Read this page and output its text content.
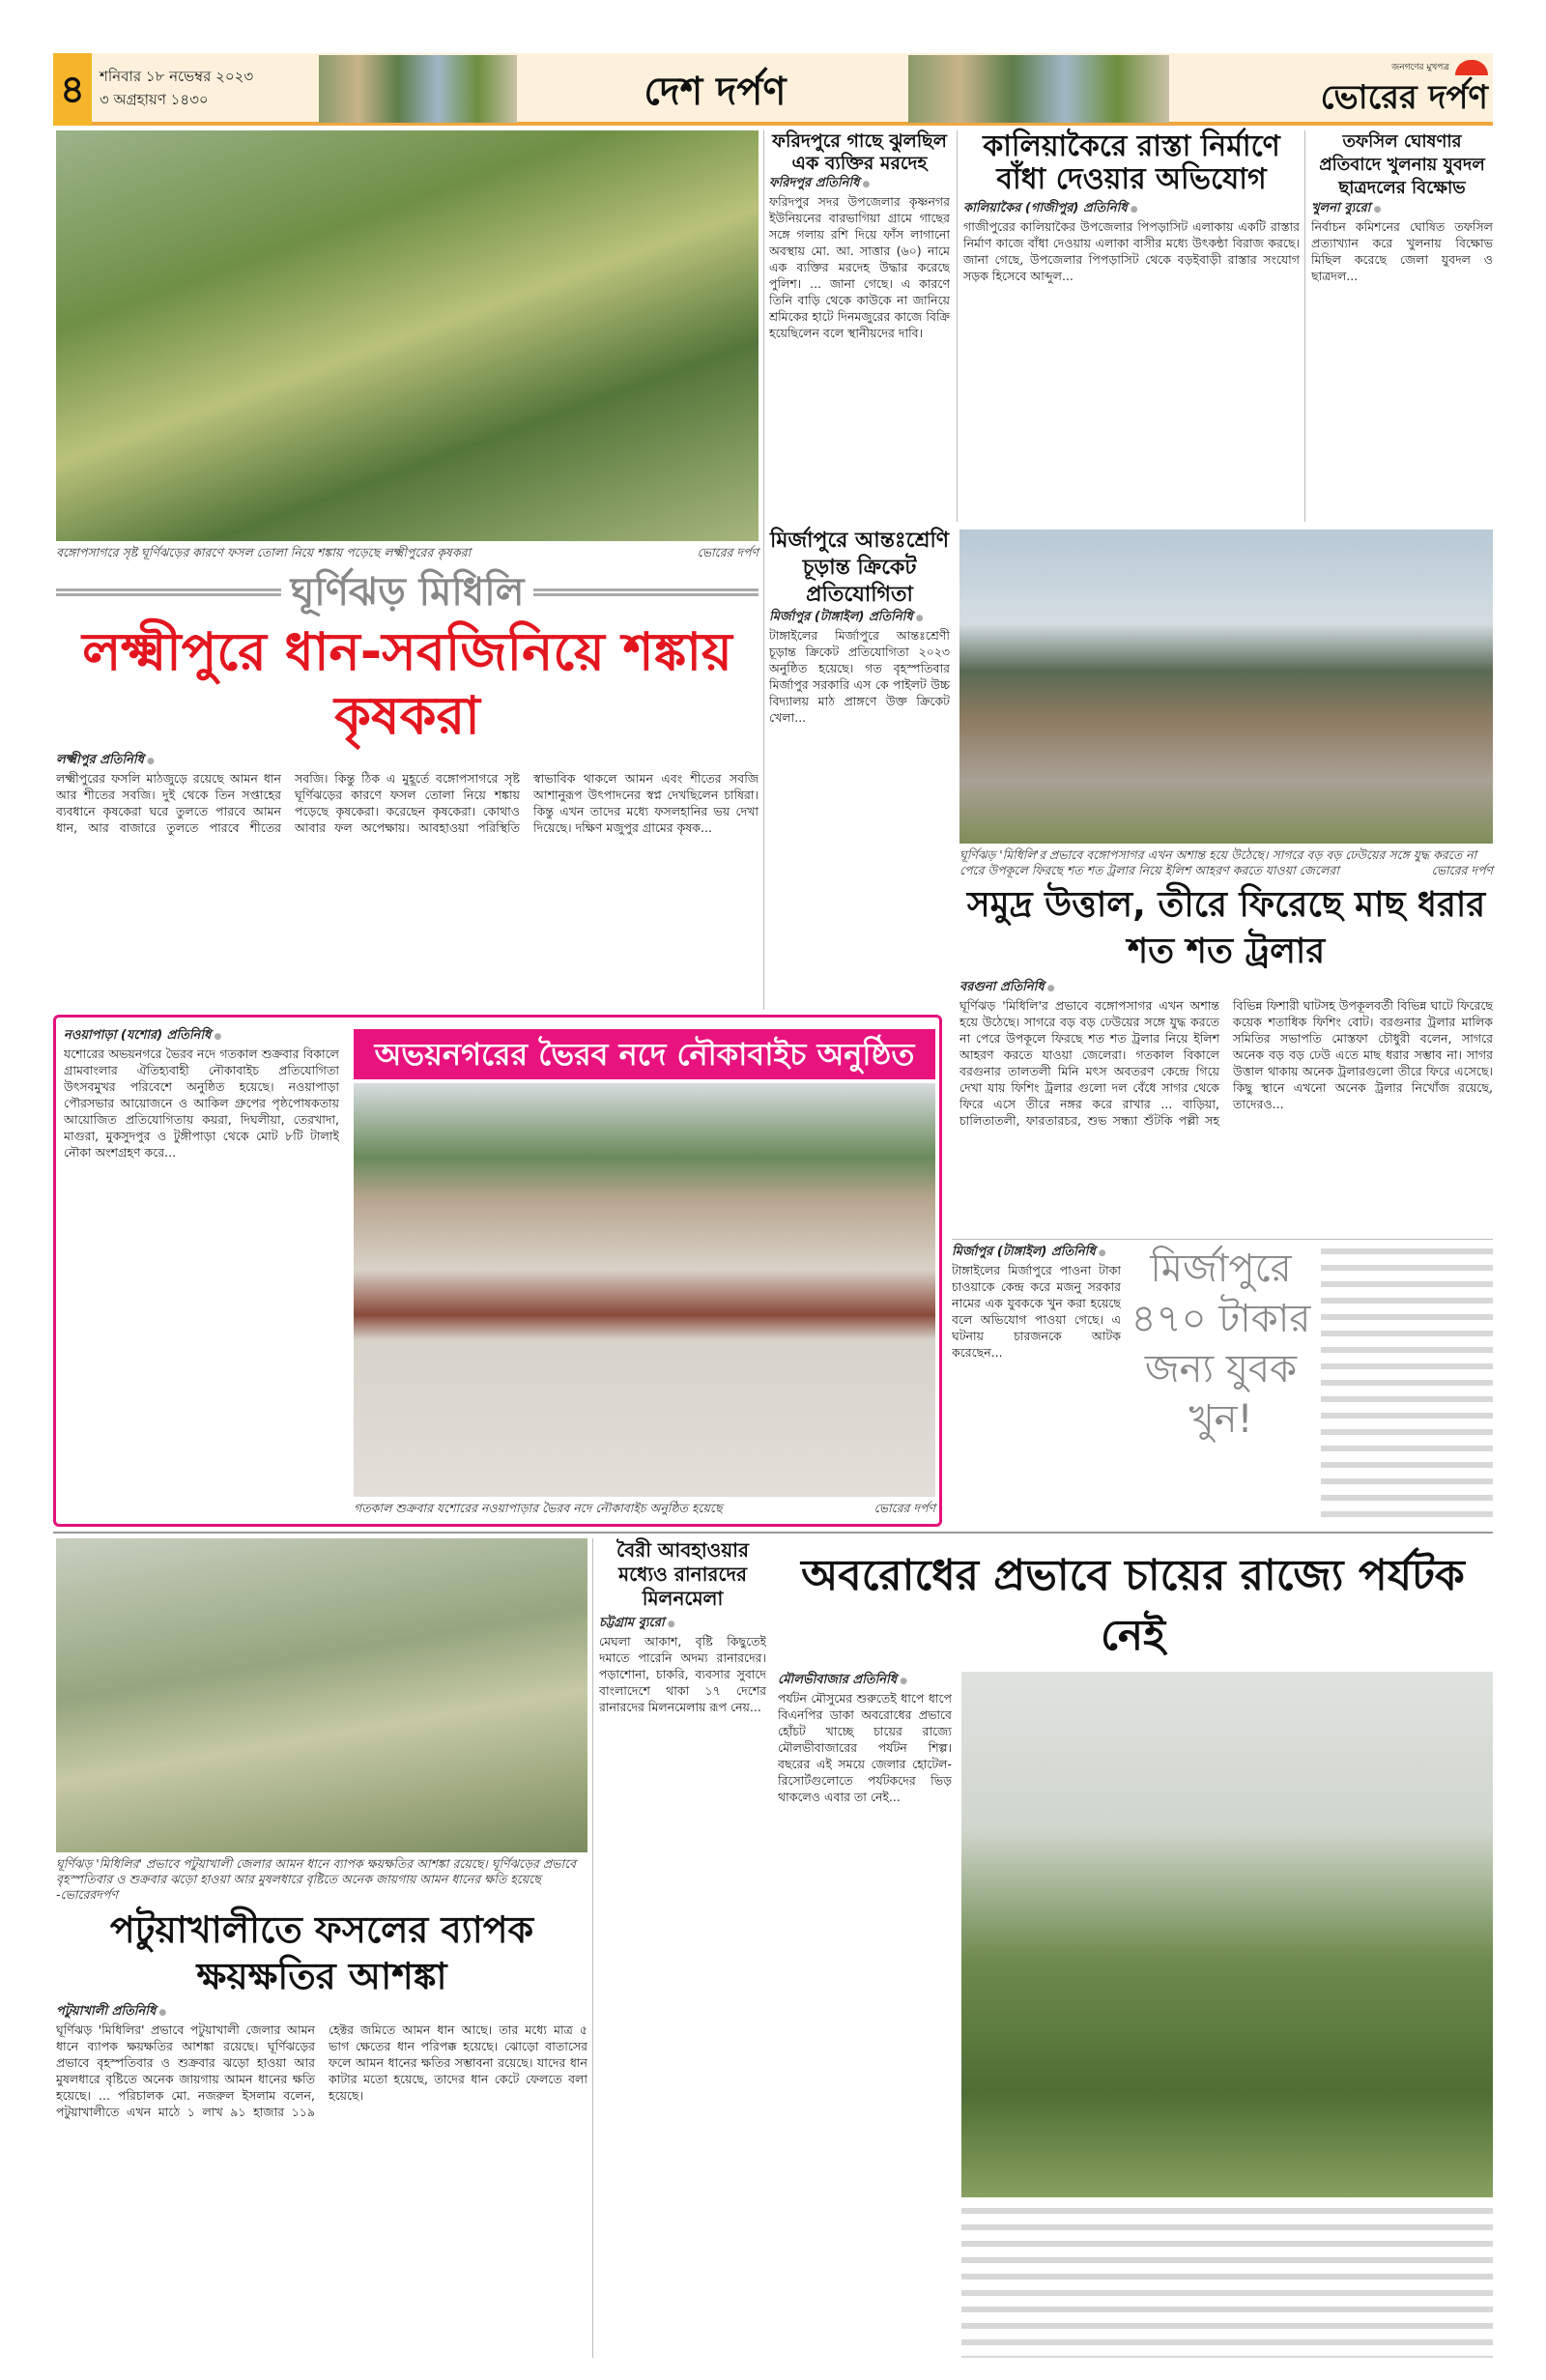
৪	শনিবার ১৮ নভেম্বর ২০২৩
৩ অগ্রহায়ণ ১৪৩০	দেশ দর্পণ
জনগণের মুখপত্র
ভোরের দর্পণ
ভোরের দর্পণ
বঙ্গোপসাগরে সৃষ্ট ঘূর্ণিঝড়ের কারণে ফসল তোলা নিয়ে শঙ্কায় পড়েছে লক্ষ্মীপুরের কৃষকরা
ঘূর্ণিঝড় মিধিলি
লক্ষ্মীপুরে ধান-সবজিনিয়ে শঙ্কায় কৃষকরা
লক্ষ্মীপুর প্রতিনিধি ●
লক্ষ্মীপুরের ফসলি মাঠজুড়ে রয়েছে আমন ধান আর শীতের সবজি। দুই থেকে তিন সপ্তাহের ব্যবধানে কৃষকেরা ঘরে তুলতে পারবে আমন ধান, আর বাজারে তুলতে পারবে শীতের সবজি। কিন্তু ঠিক এ মুহূর্তে বঙ্গোপসাগরে সৃষ্ট ঘূর্ণিঝড়ের কারণে ফসল তোলা নিয়ে শঙ্কায় পড়েছে কৃষকেরা। করেছেন কৃষকেরা। কোথাও আবার ফল অপেক্ষায়। আবহাওয়া পরিস্থিতি স্বাভাবিক থাকলে আমন এবং শীতের সবজি আশানুরূপ উৎপাদনের স্বপ্ন দেখছিলেন চাষিরা। কিন্তু এখন তাদের মধ্যে ফসলহানির ভয় দেখা দিয়েছে। দক্ষিণ মজুপুর গ্রামের কৃষক...
ফরিদপুরে গাছে ঝুলছিল এক ব্যক্তির মরদেহ
ফরিদপুর প্রতিনিধি ●
ফরিদপুর সদর উপজেলার কৃষ্ণনগর ইউনিয়নের বারভাগিয়া গ্রামে গাছের সঙ্গে গলায় রশি দিয়ে ফাঁস লাগানো অবস্থায় মো. আ. সাত্তার (৬০) নামে এক ব্যক্তির মরদেহ উদ্ধার করেছে পুলিশ। ... জানা গেছে। এ কারণে তিনি বাড়ি থেকে কাউকে না জানিয়ে শ্রমিকের হাটে দিনমজুরের কাজে বিক্রি হয়েছিলেন বলে স্থানীয়দের দাবি।
মির্জাপুরে আন্তঃশ্রেণি চূড়ান্ত ক্রিকেট প্রতিযোগিতা
মির্জাপুর (টাঙ্গাইল) প্রতিনিধি ●
টাঙ্গাইলের মির্জাপুরে আন্তঃশ্রেণী চূড়ান্ত ক্রিকেট প্রতিযোগিতা ২০২৩ অনুষ্ঠিত হয়েছে। গত বৃহস্পতিবার মির্জাপুর সরকারি এস কে পাইলট উচ্চ বিদ্যালয় মাঠ প্রাঙ্গণে উক্ত ক্রিকেট খেলা...
কালিয়াকৈরে রাস্তা নির্মাণে বাঁধা দেওয়ার অভিযোগ
কালিয়াকৈর (গাজীপুর) প্রতিনিধি ●
গাজীপুরের কালিয়াকৈর উপজেলার পিপড়াসিট এলাকায় একটি রাস্তার নির্মাণ কাজে বাঁধা দেওয়ায় এলাকা বাসীর মধ্যে উৎকন্ঠা বিরাজ করছে। জানা গেছে, উপজেলার পিপড়াসিট থেকে বড়ইবাড়ী রাস্তার সংযোগ সড়ক হিসেবে আব্দুল...
তফসিল ঘোষণার প্রতিবাদে খুলনায় যুবদল ছাত্রদলের বিক্ষোভ
খুলনা ব্যুরো ●
নির্বাচন কমিশনের ঘোষিত তফসিল প্রত্যাখ্যান করে খুলনায় বিক্ষোভ মিছিল করেছে জেলা যুবদল ও ছাত্রদল...
ঘূর্ণিঝড় 'মিধিলি'র প্রভাবে বঙ্গোপসাগর এখন অশান্ত হয়ে উঠেছে। সাগরে বড় বড় ঢেউয়ের সঙ্গে যুদ্ধ করতে না পেরে উপকূলে ফিরছে শত শত ট্রলার নিয়ে ইলিশ আহরণ করতে যাওয়া জেলেরা	ভোরের দর্পণ
সমুদ্র উত্তাল, তীরে ফিরেছে মাছ ধরার শত শত ট্রলার
বরগুনা প্রতিনিধি ●
ঘূর্ণিঝড় 'মিধিলি'র প্রভাবে বঙ্গোপসাগর এখন অশান্ত হয়ে উঠেছে। সাগরে বড় বড় ঢেউয়ের সঙ্গে যুদ্ধ করতে না পেরে উপকূলে ফিরছে শত শত ট্রলার নিয়ে ইলিশ আহরণ করতে যাওয়া জেলেরা। গতকাল বিকালে বরগুনার তালতলী মিনি মৎস অবতরণ কেন্দ্রে গিয়ে দেখা যায় ফিশিং ট্রলার গুলো দল বেঁধে সাগর থেকে ফিরে এসে তীরে নঙ্গর করে রাখার ... বাড়িয়া, চালিতাতলী, ফারতারচর, শুভ সন্ধ্যা শুঁটকি পল্লী সহ বিভিন্ন ফিশারী ঘাটসহ উপকূলবর্তী বিভিন্ন ঘাটে ফিরেছে কয়েক শতাধিক ফিশিং বোট। বরগুনার ট্রলার মালিক সমিতির সভাপতি মোস্তফা চৌধুরী বলেন, সাগরে অনেক বড় বড় ঢেউ এতে মাছ ধরার সম্ভাব না। সাগর উত্তাল থাকায় অনেক ট্রলারগুলো তীরে ফিরে এসেছে। কিছু স্থানে এখনো অনেক ট্রলার নিখোঁজ রয়েছে, তাদেরও...
নওয়াপাড়া (যশোর) প্রতিনিধি ●
যশোরের অভয়নগরে ভৈরব নদে গতকাল শুক্রবার বিকালে গ্রামবাংলার ঐতিহ্যবাহী নৌকাবাইচ প্রতিযোগিতা উৎসবমুখর পরিবেশে অনুষ্ঠিত হয়েছে। নওয়াপাড়া পৌরসভার আয়োজনে ও আকিল গ্রুপের পৃষ্ঠপোষকতায় আয়োজিত প্রতিযোগিতায় কয়রা, দিঘলীয়া, তেরখাদা, মাগুরা, মুকসুদপুর ও টুঙ্গীপাড়া থেকে মোট ৮টি টালাই নৌকা অংশগ্রহণ করে...
অভয়নগরের ভৈরব নদে নৌকাবাইচ অনুষ্ঠিত
ভোরের দর্পণ
গতকাল শুক্রবার যশোরের নওয়াপাড়ার ভৈরব নদে নৌকাবাইচ অনুষ্ঠিত হয়েছে
মির্জাপুর (টাঙ্গাইল) প্রতিনিধি ●
টাঙ্গাইলের মির্জাপুরে পাওনা টাকা চাওয়াকে কেন্দ্র করে মজনু সরকার নামের এক যুবককে খুন করা হয়েছে বলে অভিযোগ পাওয়া গেছে। এ ঘটনায় চারজনকে আটক করেছেন...
মির্জাপুরে ৪৭০ টাকার জন্য যুবক খুন!
ঘূর্ণিঝড় 'মিধিলির' প্রভাবে পটুয়াখালী জেলার আমন ধানে ব্যাপক ক্ষয়ক্ষতির আশঙ্কা রয়েছে। ঘূর্ণিঝড়ের প্রভাবে বৃহস্পতিবার ও শুক্রবার ঝড়ো হাওয়া আর মুষলধারে বৃষ্টিতে অনেক জায়গায় আমন ধানের ক্ষতি হয়েছে -ভোরেরদর্পণ
পটুয়াখালীতে ফসলের ব্যাপক ক্ষয়ক্ষতির আশঙ্কা
পটুয়াখালী প্রতিনিধি ●
ঘূর্ণিঝড় 'মিধিলির' প্রভাবে পটুয়াখালী জেলার আমন ধানে ব্যাপক ক্ষয়ক্ষতির আশঙ্কা রয়েছে। ঘূর্ণিঝড়ের প্রভাবে বৃহস্পতিবার ও শুক্রবার ঝড়ো হাওয়া আর মুষলধারে বৃষ্টিতে অনেক জায়গায় আমন ধানের ক্ষতি হয়েছে। ... পরিচালক মো. নজরুল ইসলাম বলেন, পটুয়াখালীতে এখন মাঠে ১ লাখ ৯১ হাজার ১১৯ হেক্টর জমিতে আমন ধান আছে। তার মধ্যে মাত্র ৫ ভাগ ক্ষেতের ধান পরিপক্ক হয়েছে। ঝোড়ো বাতাসের ফলে আমন ধানের ক্ষতির সম্ভাবনা রয়েছে। যাদের ধান কাটার মতো হয়েছে, তাদের ধান কেটে ফেলতে বলা হয়েছে।
বৈরী আবহাওয়ার মধ্যেও রানারদের মিলনমেলা
চট্টগ্রাম ব্যুরো ●
মেঘলা আকাশ, বৃষ্টি কিছুতেই দমাতে পারেনি অদম্য রানারদের। পড়াশোনা, চাকরি, ব্যবসার সুবাদে বাংলাদেশে থাকা ১৭ দেশের রানারদের মিলনমেলায় রূপ নেয়...
অবরোধের প্রভাবে চায়ের রাজ্যে পর্যটক নেই
মৌলভীবাজার প্রতিনিধি ●
পর্যটন মৌসুমের শুরুতেই ধাপে ধাপে বিএনপির ডাকা অবরোধের প্রভাবে হোঁচট খাচ্ছে চায়ের রাজ্যে মৌলভীবাজারের পর্যটন শিল্প। বছরের এই সময়ে জেলার হোটেল-রিসোর্টগুলোতে পর্যটকদের ভিড় থাকলেও এবার তা নেই...
